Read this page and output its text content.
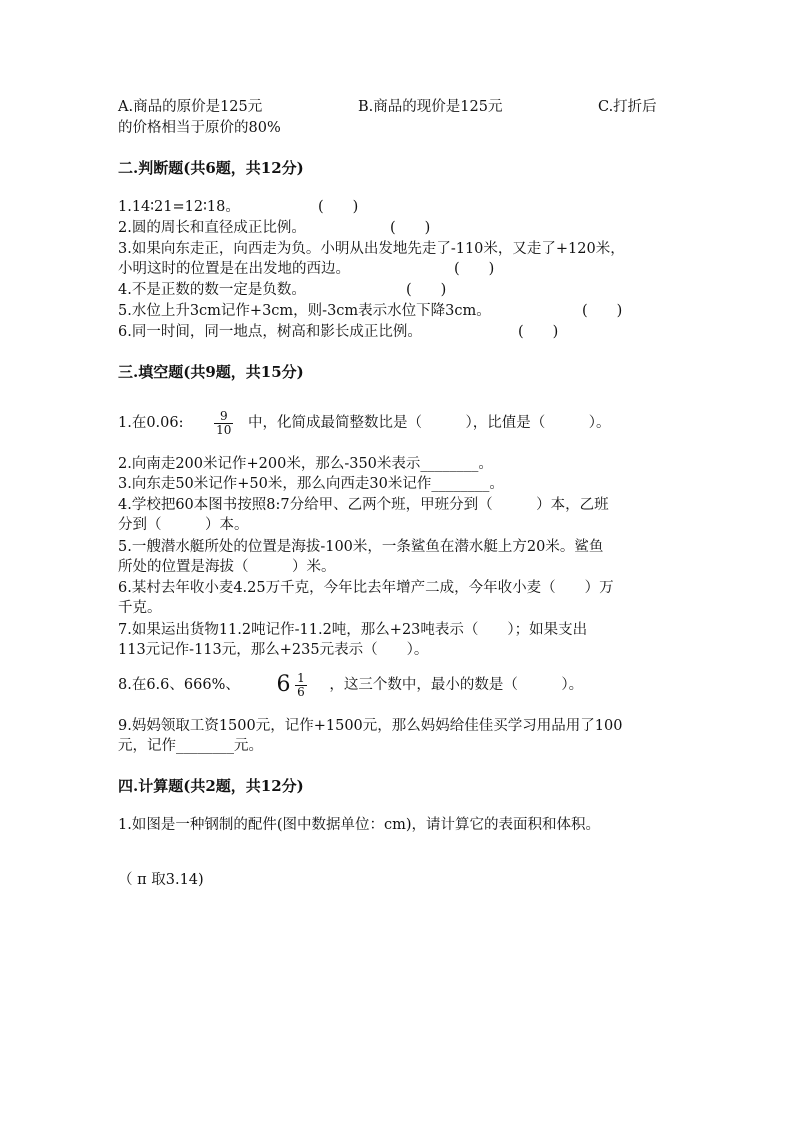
A.商品的原价是125元	B.商品的现价是125元	C.打折后
的价格相当于原价的80%
二.判断题(共6题，共12分)
1.14∶21=12∶18。	(　　)
2.圆的周长和直径成正比例。	(　　)
3.如果向东走正，向西走为负。小明从出发地先走了-110米，又走了+120米，
小明这时的位置是在出发地的西边。	(　　)
4.不是正数的数一定是负数。	(　　)
5.水位上升3cm记作+3cm，则-3cm表示水位下降3cm。	(　　)
6.同一时间，同一地点，树高和影长成正比例。	(　　)
三.填空题(共9题，共15分)
1.在0.06:	$\frac{9}{10}$ 中，化简成最简整数比是（　　　），比值是（　　　）。
2.向南走200米记作+200米，那么-350米表示________。
3.向东走50米记作+50米，那么向西走30米记作________。
4.学校把60本图书按照8:7分给甲、乙两个班，甲班分到（　　　）本，乙班
分到（　　　）本。
5.一艘潜水艇所处的位置是海拔-100米，一条鲨鱼在潜水艇上方20米。鲨鱼
所处的位置是海拔（　　　）米。
6.某村去年收小麦4.25万千克，今年比去年增产二成，今年收小麦（　　）万
千克。
7.如果运出货物11.2吨记作-11.2吨，那么+23吨表示（　　）；如果支出
113元记作-113元，那么+235元表示（　　）。
8.在6.6、666%、 $6 \frac{1}{6}$ ，这三个数中，最小的数是（　　　）。
9.妈妈领取工资1500元，记作+1500元，那么妈妈给佳佳买学习用品用了100
元，记作________元。
四.计算题(共2题，共12分)
1.如图是一种钢制的配件(图中数据单位：cm)，请计算它的表面积和体积。
（ π 取3.14)
